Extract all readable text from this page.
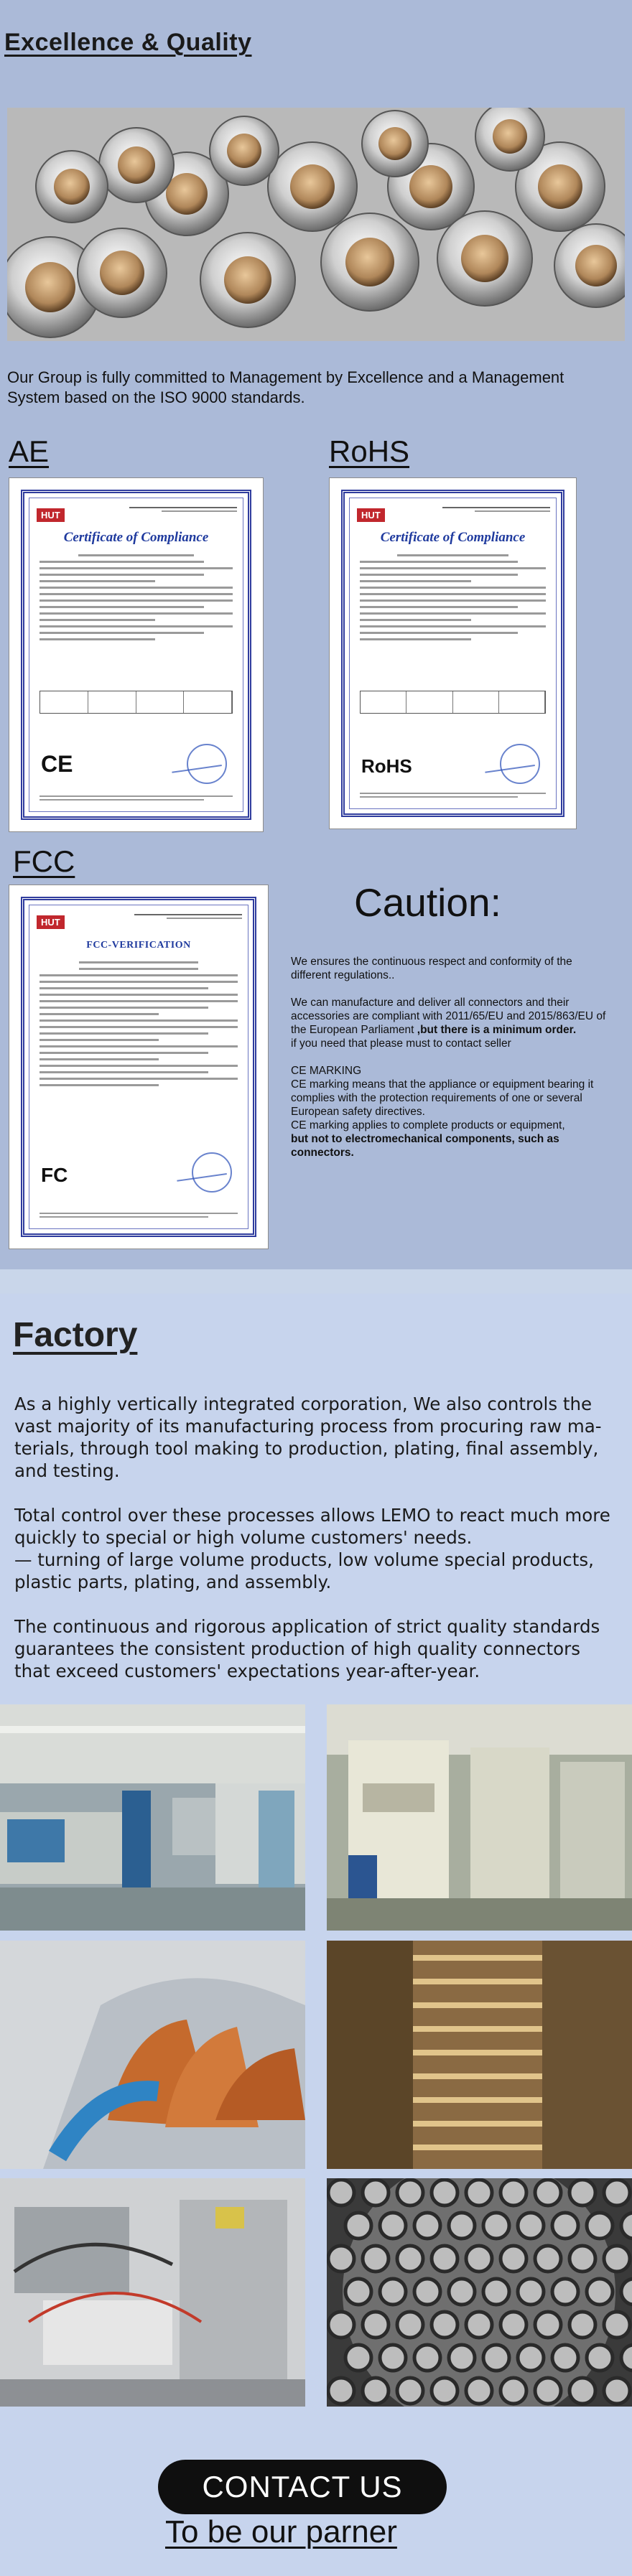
Excellence & Quality

Our Group is fully committed to Management by Excellence and a Management System based on the ISO 9000 standards.

AE
HUT
Certificate of Compliance
CE
RoHS
HUT
Certificate of Compliance
RoHS
FCC
HUT
FCC-VERIFICATION
FC
Caution:

We ensures the continuous respect and conformity of the different regulations..

We can manufacture and deliver all connectors and their accessories are compliant with 2011/65/EU and 2015/863/EU of the European Parliament ,but there is a minimum order.
if you need that please must to contact seller

CE MARKING
CE marking means that the appliance or equipment bearing it complies with the protection requirements of one or several European safety directives.
CE marking applies to complete products or equipment,
but not to electromechanical components, such as connectors.

Factory

As a highly vertically integrated corporation, We also controls the vast majority of its manufacturing process from procuring raw ma-terials, through tool making to production, plating, final assembly, and testing.

Total control over these processes allows LEMO to react much more quickly to special or high volume customers' needs.
— turning of large volume products, low volume special products, plastic parts, plating, and assembly.

The continuous and rigorous application of strict quality standards guarantees the consistent production of high quality connectors that exceed customers' expectations year-after-year.

CONTACT US
To be our parner
